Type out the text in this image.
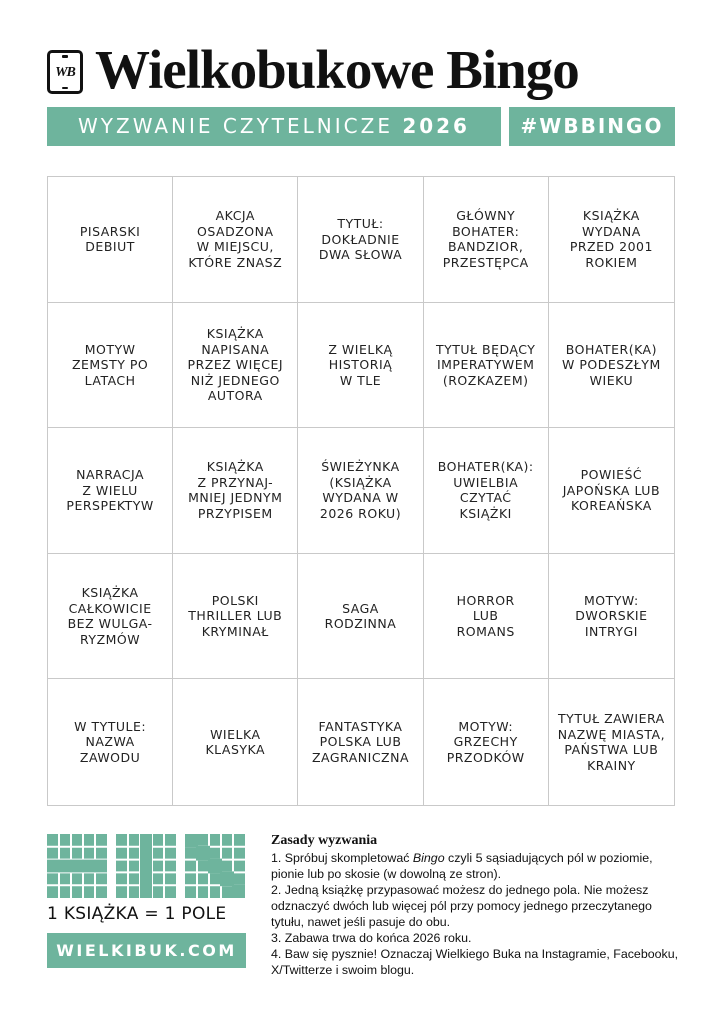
WB Wielkobukowe Bingo
WYZWANIE CZYTELNICZE 2026	#WBBINGO
PISARSKI
DEBIUT
AKCJA
OSADZONA
W MIEJSCU,
KTÓRE ZNASZ
TYTUŁ:
DOKŁADNIE
DWA SŁOWA
GŁÓWNY
BOHATER:
BANDZIOR,
PRZESTĘPCA
KSIĄŻKA
WYDANA
PRZED 2001
ROKIEM
MOTYW
ZEMSTY PO
LATACH
KSIĄŻKA
NAPISANA
PRZEZ WIĘCEJ
NIŻ JEDNEGO
AUTORA
Z WIELKĄ
HISTORIĄ
W TLE
TYTUŁ BĘDĄCY
IMPERATYWEM
(ROZKAZEM)
BOHATER(KA)
W PODESZŁYM
WIEKU
NARRACJA
Z WIELU
PERSPEKTYW
KSIĄŻKA
Z PRZYNAJ-
MNIEJ JEDNYM
PRZYPISEM
ŚWIEŻYNKA
(KSIĄŻKA
WYDANA W
2026 ROKU)
BOHATER(KA):
UWIELBIA
CZYTAĆ
KSIĄŻKI
POWIEŚĆ
JAPOŃSKA LUB
KOREAŃSKA
KSIĄŻKA
CAŁKOWICIE
BEZ WULGA-
RYZMÓW
POLSKI
THRILLER LUB
KRYMINAŁ
SAGA
RODZINNA
HORROR
LUB
ROMANS
MOTYW:
DWORSKIE
INTRYGI
W TYTULE:
NAZWA
ZAWODU
WIELKA
KLASYKA
FANTASTYKA
POLSKA LUB
ZAGRANICZNA
MOTYW:
GRZECHY
PRZODKÓW
TYTUŁ ZAWIERA
NAZWĘ MIASTA,
PAŃSTWA LUB
KRAINY
1 KSIĄŻKA = 1 POLE
WIELKIBUK.COM
Zasady wyzwania

1. Spróbuj skompletować Bingo czyli 5 sąsiadujących pól w poziomie, pionie lub po skosie (w dowolną ze stron).

2. Jedną książkę przypasować możesz do jednego pola. Nie możesz odznaczyć dwóch lub więcej pól przy pomocy jednego przeczytanego tytułu, nawet jeśli pasuje do obu.

3. Zabawa trwa do końca 2026 roku.

4. Baw się pysznie! Oznaczaj Wielkiego Buka na Instagramie, Facebooku, X/Twitterze i swoim blogu.
